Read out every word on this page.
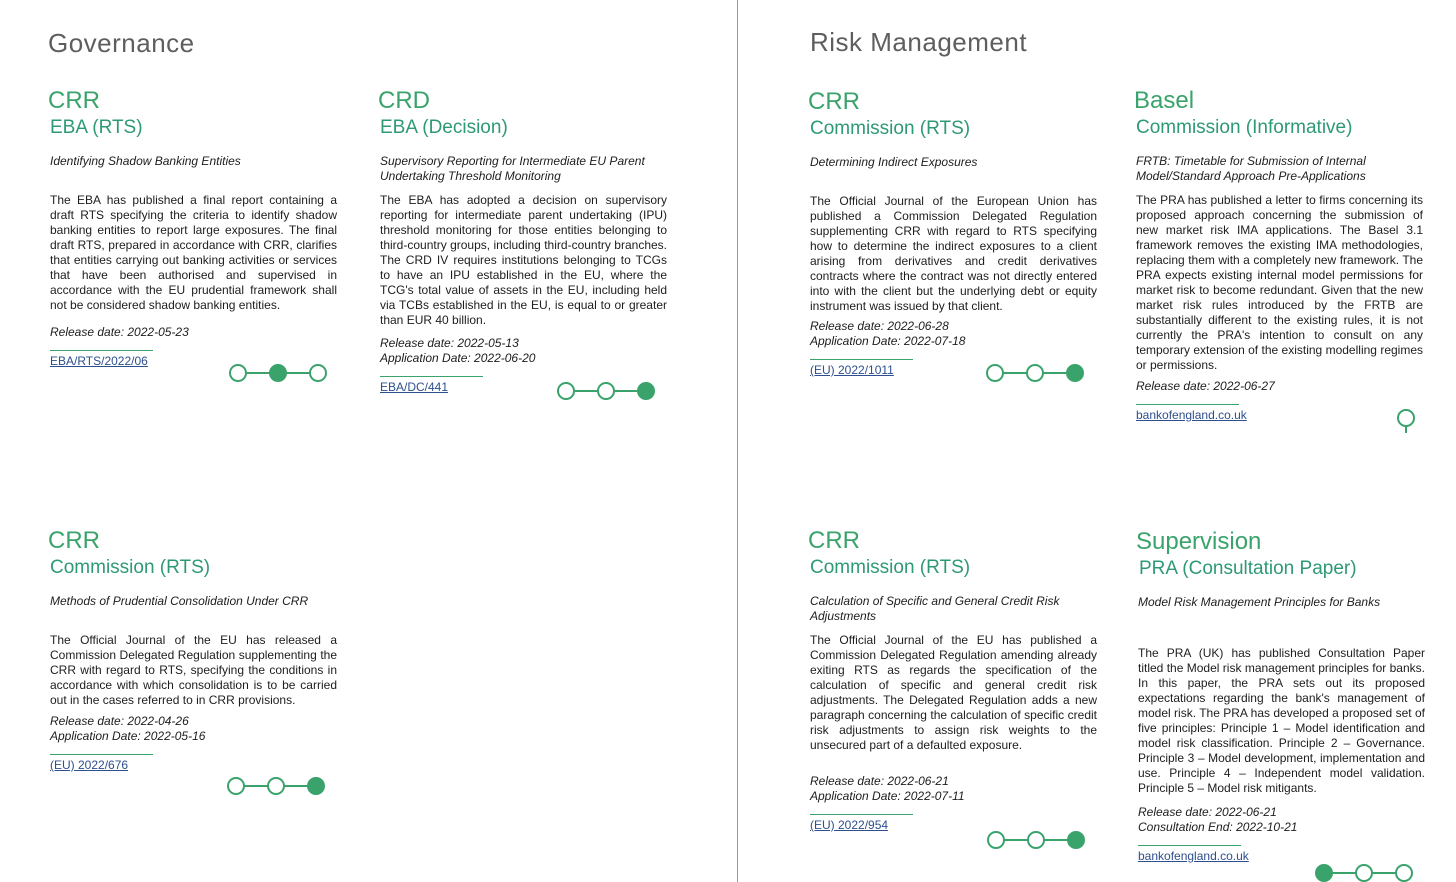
Governance	Risk Management
CRR
EBA (RTS)
Identifying Shadow Banking Entities
The EBA has published a final report containing a draft RTS specifying the criteria to identify shadow banking entities to report large exposures. The final draft RTS, prepared in accordance with CRR, clarifies that entities carrying out banking activities or services that have been authorised and supervised in accordance with the EU prudential framework shall not be considered shadow banking entities.
Release date: 2022-05-23
EBA/RTS/2022/06
CRD
EBA (Decision)
Supervisory Reporting for Intermediate EU Parent Undertaking Threshold Monitoring
The EBA has adopted a decision on supervisory reporting for intermediate parent undertaking (IPU) threshold monitoring for those entities belonging to third-country groups, including third-country branches. The CRD IV requires institutions belonging to TCGs to have an IPU established in the EU, where the TCG's total value of assets in the EU, including held via TCBs established in the EU, is equal to or greater than EUR 40 billion.
Release date: 2022-05-13
Application Date: 2022-06-20
EBA/DC/441
CRR
Commission (RTS)
Methods of Prudential Consolidation Under CRR
The Official Journal of the EU has released a Commission Delegated Regulation supplementing the CRR with regard to RTS, specifying the conditions in accordance with which consolidation is to be carried out in the cases referred to in CRR provisions.
Release date: 2022-04-26
Application Date: 2022-05-16
(EU) 2022/676
CRR
Commission (RTS)
Determining Indirect Exposures
The Official Journal of the European Union has published a Commission Delegated Regulation supplementing CRR with regard to RTS specifying how to determine the indirect exposures to a client arising from derivatives and credit derivatives contracts where the contract was not directly entered into with the client but the underlying debt or equity instrument was issued by that client.
Release date: 2022-06-28
Application Date: 2022-07-18
(EU) 2022/1011
Basel
Commission (Informative)
FRTB: Timetable for Submission of Internal Model/Standard Approach Pre-Applications
The PRA has published a letter to firms concerning its proposed approach concerning the submission of new market risk IMA applications. The Basel 3.1 framework removes the existing IMA methodologies, replacing them with a completely new framework. The PRA expects existing internal model permissions for market risk to become redundant. Given that the new market risk rules introduced by the FRTB are substantially different to the existing rules, it is not currently the PRA's intention to consult on any temporary extension of the existing modelling regimes or permissions.
Release date: 2022-06-27
bankofengland.co.uk
CRR
Commission (RTS)
Calculation of Specific and General Credit Risk Adjustments
The Official Journal of the EU has published a Commission Delegated Regulation amending already exiting RTS as regards the specification of the calculation of specific and general credit risk adjustments. The Delegated Regulation adds a new paragraph concerning the calculation of specific credit risk adjustments to assign risk weights to the unsecured part of a defaulted exposure.
Release date: 2022-06-21
Application Date: 2022-07-11
(EU) 2022/954
Supervision
PRA (Consultation Paper)
Model Risk Management Principles for Banks
The PRA (UK) has published Consultation Paper titled the Model risk management principles for banks. In this paper, the PRA sets out its proposed expectations regarding the bank's management of model risk. The PRA has developed a proposed set of five principles: Principle 1 – Model identification and model risk classification. Principle 2 – Governance. Principle 3 – Model development, implementation and use. Principle 4 – Independent model validation. Principle 5 – Model risk mitigants.
Release date: 2022-06-21
Consultation End: 2022-10-21
bankofengland.co.uk
